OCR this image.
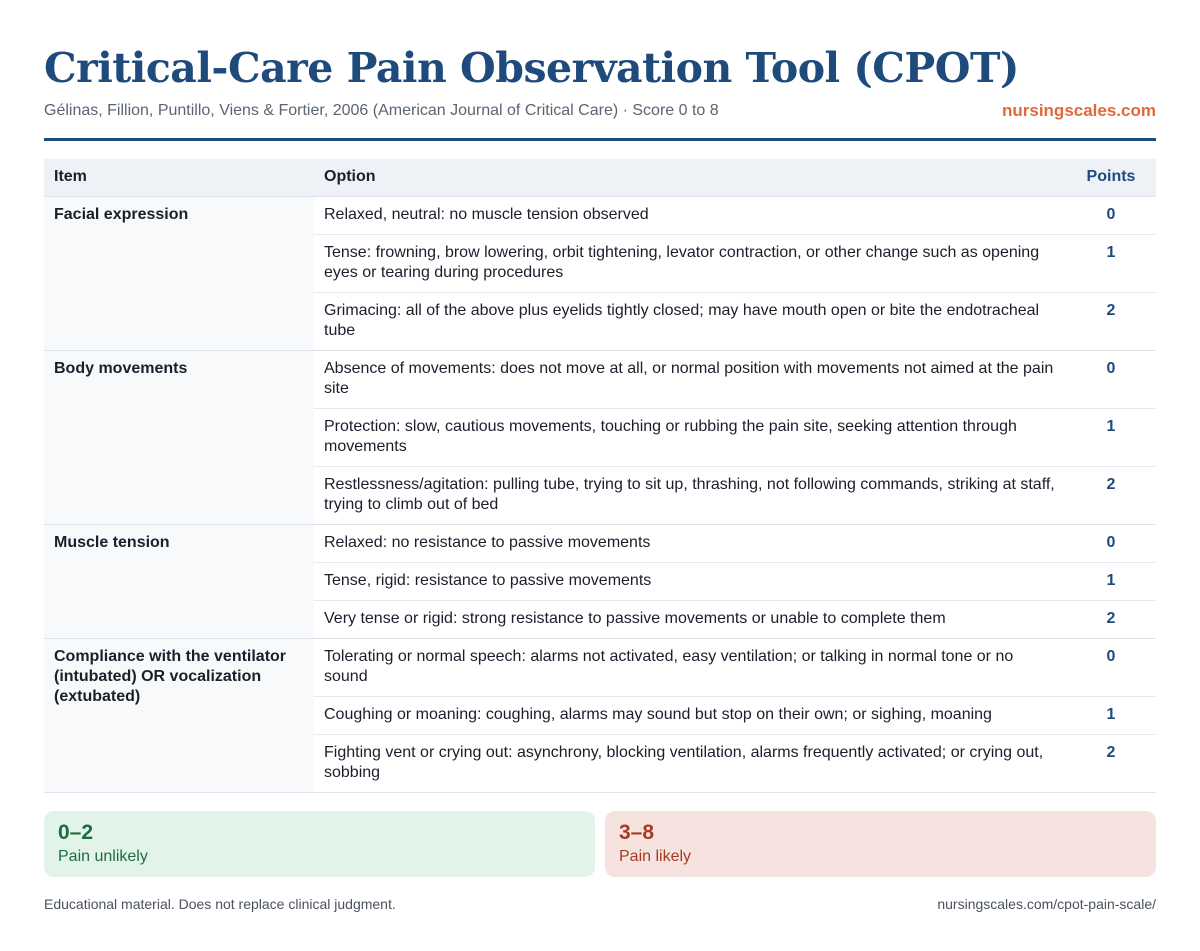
Critical-Care Pain Observation Tool (CPOT)
Gélinas, Fillion, Puntillo, Viens & Fortier, 2006 (American Journal of Critical Care) · Score 0 to 8	nursingscales.com
Item	Option	Points
Facial expression	Relaxed, neutral: no muscle tension observed	0
	Tense: frowning, brow lowering, orbit tightening, levator contraction, or other change such as opening eyes or tearing during procedures	1
	Grimacing: all of the above plus eyelids tightly closed; may have mouth open or bite the endotracheal tube	2
Body movements	Absence of movements: does not move at all, or normal position with movements not aimed at the pain site	0
	Protection: slow, cautious movements, touching or rubbing the pain site, seeking attention through movements	1
	Restlessness/agitation: pulling tube, trying to sit up, thrashing, not following commands, striking at staff, trying to climb out of bed	2
Muscle tension	Relaxed: no resistance to passive movements	0
	Tense, rigid: resistance to passive movements	1
	Very tense or rigid: strong resistance to passive movements or unable to complete them	2
Compliance with the ventilator (intubated) OR vocalization (extubated)	Tolerating or normal speech: alarms not activated, easy ventilation; or talking in normal tone or no sound	0
	Coughing or moaning: coughing, alarms may sound but stop on their own; or sighing, moaning	1
	Fighting vent or crying out: asynchrony, blocking ventilation, alarms frequently activated; or crying out, sobbing	2
0–2
Pain unlikely
3–8
Pain likely
Educational material. Does not replace clinical judgment.	nursingscales.com/cpot-pain-scale/
